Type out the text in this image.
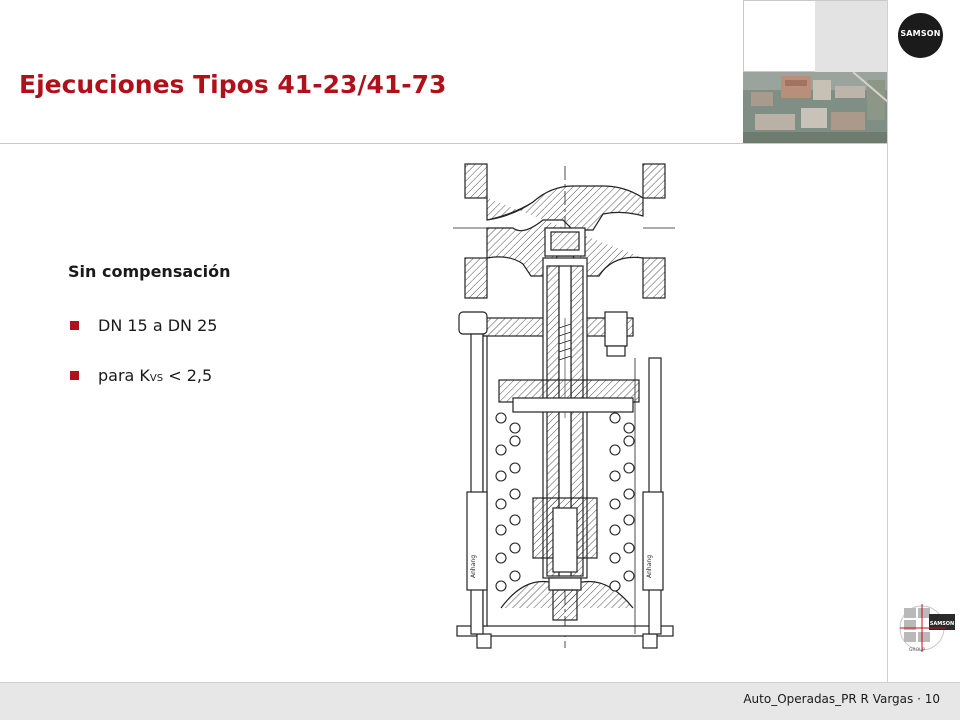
SAMSON
Ejecuciones Tipos 41-23/41-73
Sin compensación
DN 15 a DN 25
para KVS < 2,5
Anhang	Anhang
SAMSON
GROUP
Auto_Operadas_PR R Vargas · 10
